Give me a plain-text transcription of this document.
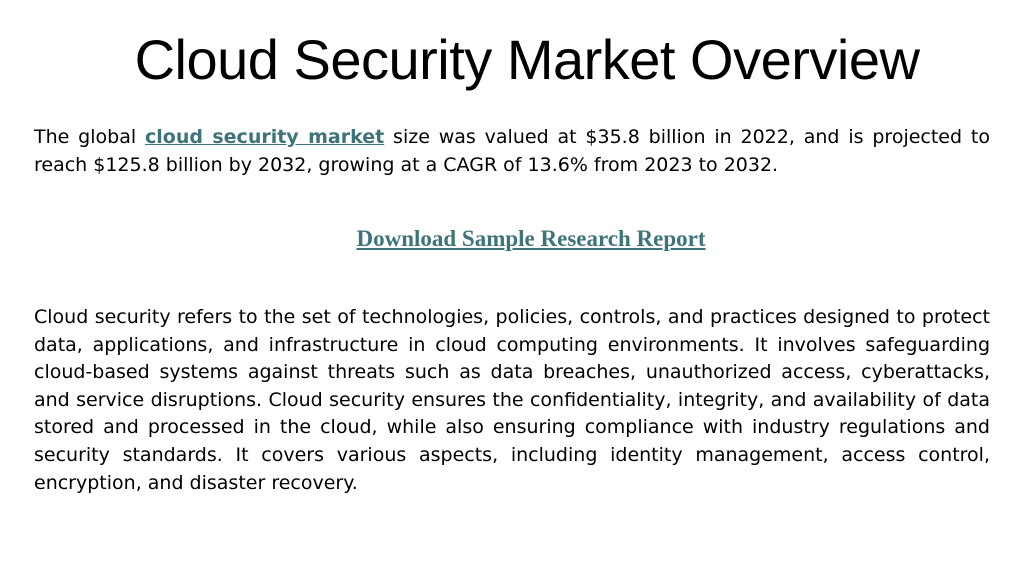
Cloud Security Market Overview

The global cloud security market size was valued at $35.8 billion in 2022, and is projected to reach $125.8 billion by 2032, growing at a CAGR of 13.6% from 2023 to 2032.

Download Sample Research Report

Cloud security refers to the set of technologies, policies, controls, and practices designed to protect data, applications, and infrastructure in cloud computing environments. It involves safeguarding cloud-based systems against threats such as data breaches, unauthorized access, cyberattacks, and service disruptions. Cloud security ensures the confidentiality, integrity, and availability of data stored and processed in the cloud, while also ensuring compliance with industry regulations and security standards. It covers various aspects, including identity management, access control, encryption, and disaster recovery.
